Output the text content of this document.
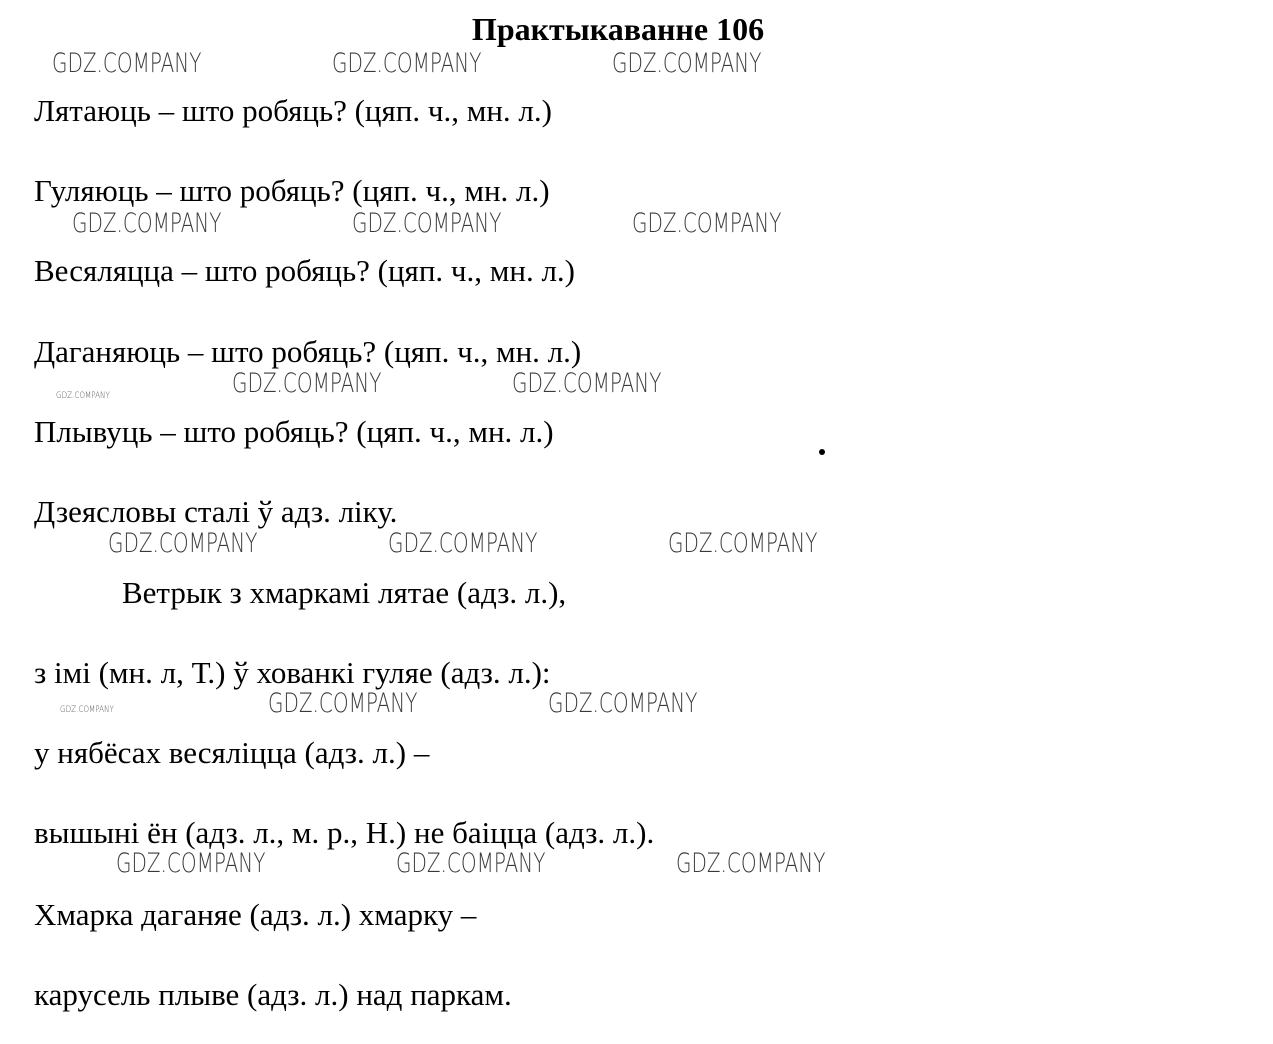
Практыкаванне 106
GDZ.COMPANY	GDZ.COMPANY	GDZ.COMPANY
Лятаюць – што робяць? (цяп. ч., мн. л.)
Гуляюць – што робяць? (цяп. ч., мн. л.)
GDZ.COMPANY	GDZ.COMPANY	GDZ.COMPANY
Весяляцца – што робяць? (цяп. ч., мн. л.)
Даганяюць – што робяць? (цяп. ч., мн. л.)
GDZ.COMPANY	GDZ.COMPANY	GDZ.COMPANY
Плывуць – што робяць? (цяп. ч., мн. л.)
Дзеясловы сталі ў адз. ліку.
GDZ.COMPANY	GDZ.COMPANY	GDZ.COMPANY
Ветрык з хмаркамі лятае (адз. л.),
з імі (мн. л, Т.) ў хованкі гуляе (адз. л.):
GDZ.COMPANY	GDZ.COMPANY	GDZ.COMPANY
у нябёсах весяліцца (адз. л.) –
вышыні ён (адз. л., м. р., Н.) не баіцца (адз. л.).
GDZ.COMPANY	GDZ.COMPANY	GDZ.COMPANY
Хмарка даганяе (адз. л.) хмарку –
карусель плыве (адз. л.) над паркам.
